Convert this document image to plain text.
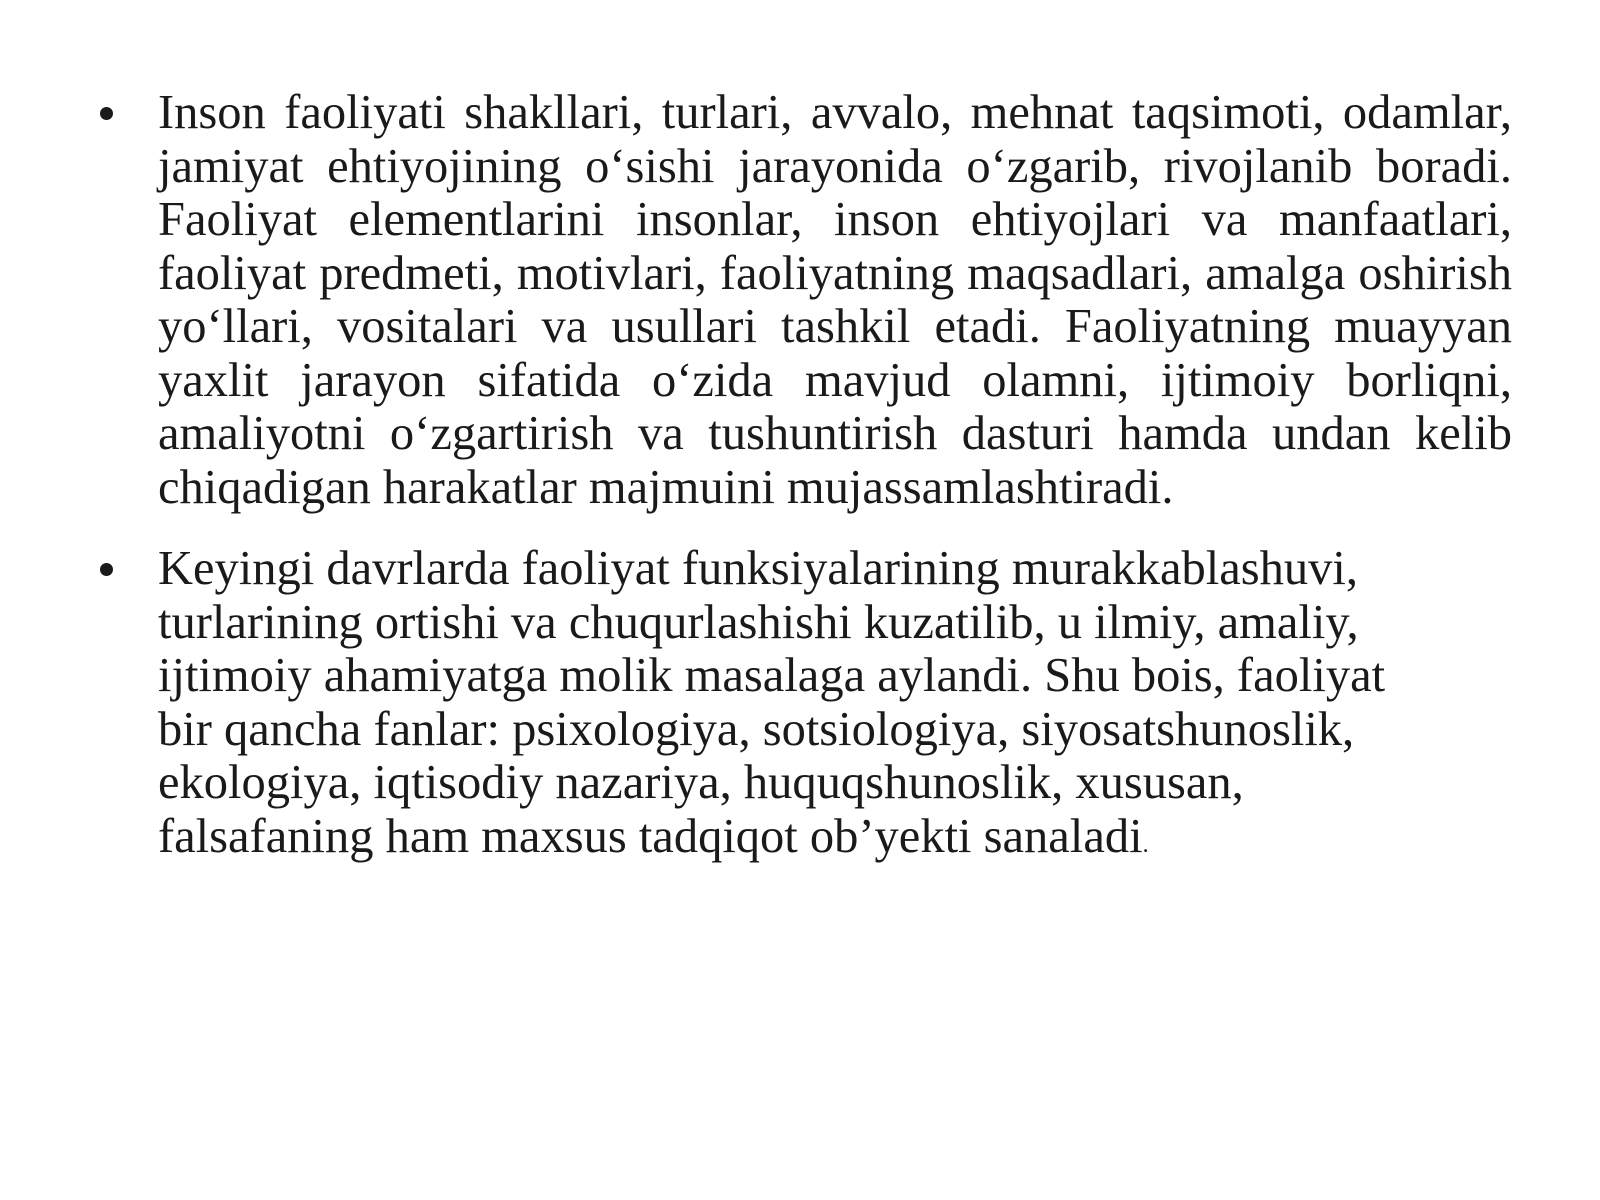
Inson faoliyati shakllari, turlari, avvalo, mehnat taqsimoti, odamlar, jamiyat ehtiyojining o‘sishi jarayonida o‘zgarib, rivojlanib boradi. Faoliyat elementlarini insonlar, inson ehtiyojlari va manfaatlari, faoliyat predmeti, motivlari, faoliyatning maqsadlari, amalga oshirish yo‘llari, vositalari va usullari tashkil etadi. Faoliyatning muayyan yaxlit jarayon sifatida o‘zida mavjud olamni, ijtimoiy borliqni, amaliyotni o‘zgartirish va tushuntirish dasturi hamda undan kelib chiqadigan harakatlar majmuini mujassamlashtiradi.
Keyingi davrlarda faoliyat funksiyalarining murakkablashuvi, turlarining ortishi va chuqurlashishi kuzatilib, u ilmiy, amaliy, ijtimoiy ahamiyatga molik masalaga aylandi. Shu bois, faoliyat bir qancha fanlar: psixologiya, sotsiologiya, siyosatshunoslik, ekologiya, iqtisodiy nazariya, huquqshunoslik, xususan, falsafaning ham maxsus tadqiqot ob’yekti sanaladi.
